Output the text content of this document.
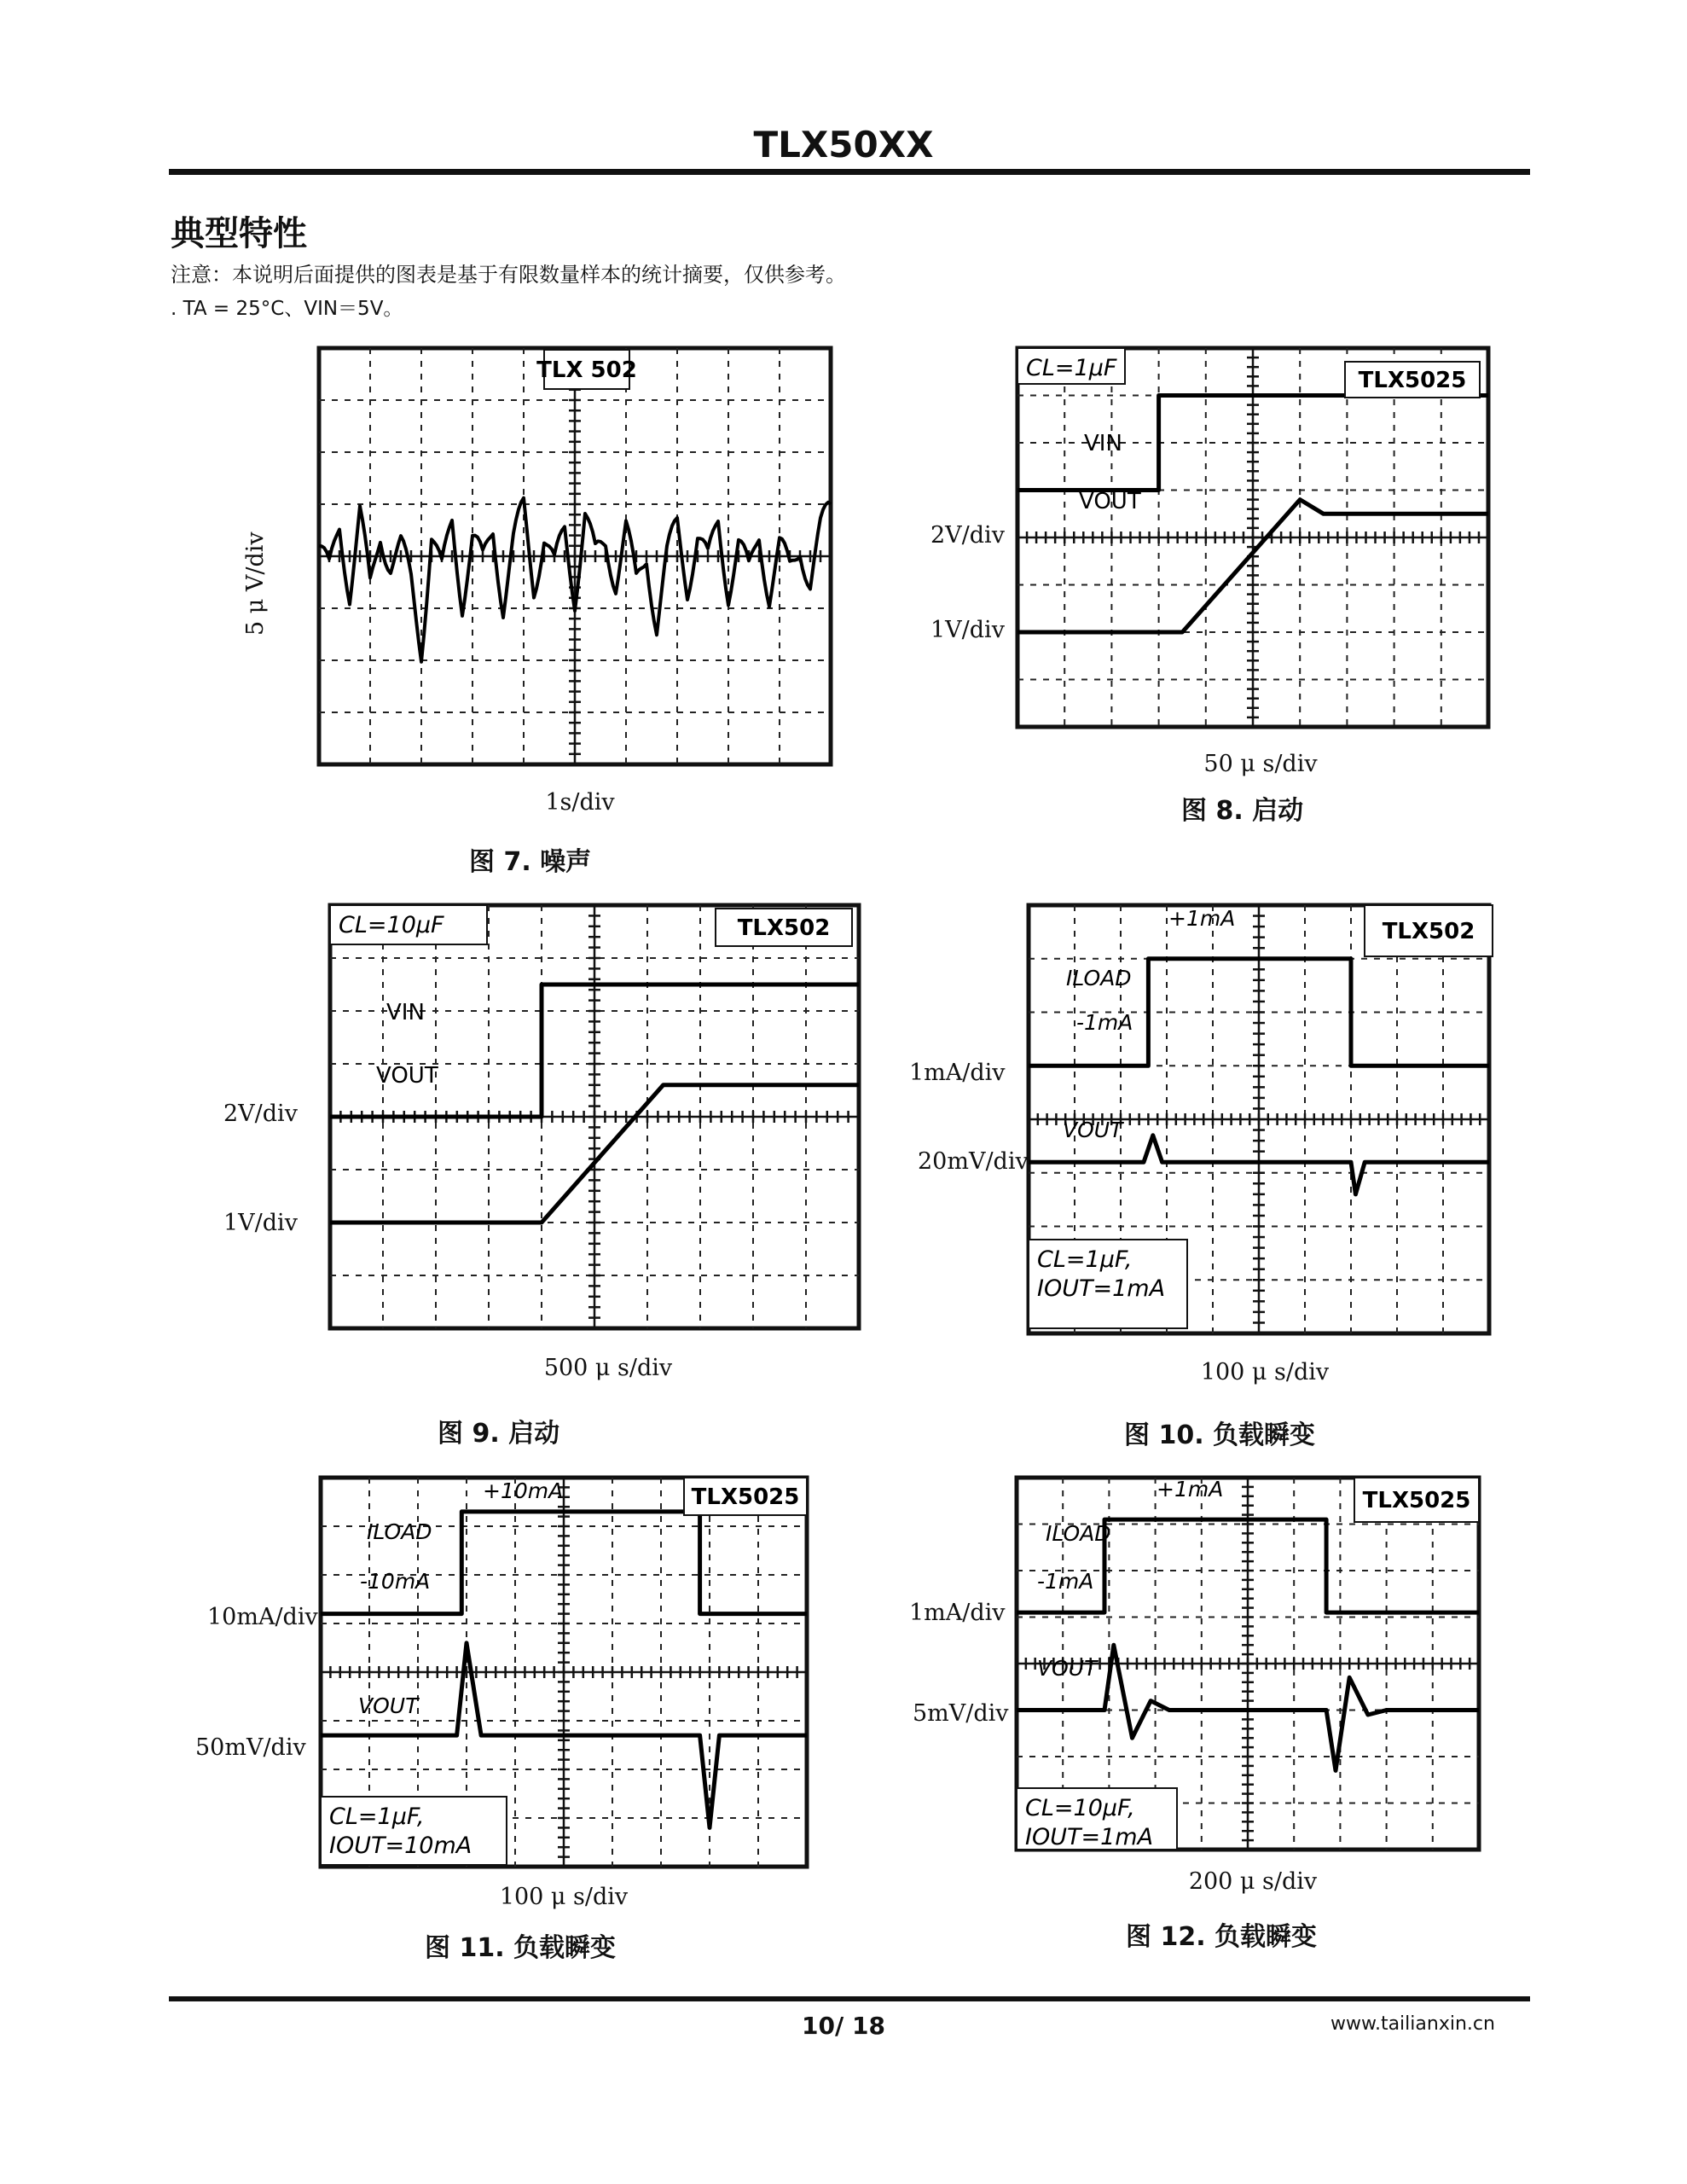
TLX50XX
典型特性
注意：本说明后面提供的图表是基于有限数量样本的统计摘要，仅供参考。
. TA = 25°C、VIN＝5V。
TLX 502
5 μ V/div
1s/div
图 7. 噪声
TLX5025
CL=1μF
VIN
VOUT
2V/div
1V/div
50 μ s/div
图 8. 启动
TLX502
CL=10μF
VIN
VOUT
2V/div
1V/div
500 μ s/div
图 9. 启动
TLX502
CL=1μF,
IOUT=1mA
+1mA
ILOAD
-1mA
VOUT
1mA/div
20mV/div
100 μ s/div
图 10. 负载瞬变
TLX5025
CL=1μF,
IOUT=10mA
+10mA
ILOAD
-10mA
VOUT
10mA/div
50mV/div
100 μ s/div
图 11. 负载瞬变
TLX5025
CL=10μF,
IOUT=1mA
+1mA
ILOAD
-1mA
VOUT
1mA/div
5mV/div
200 μ s/div
图 12. 负载瞬变
10/ 18	www.tailianxin.cn
